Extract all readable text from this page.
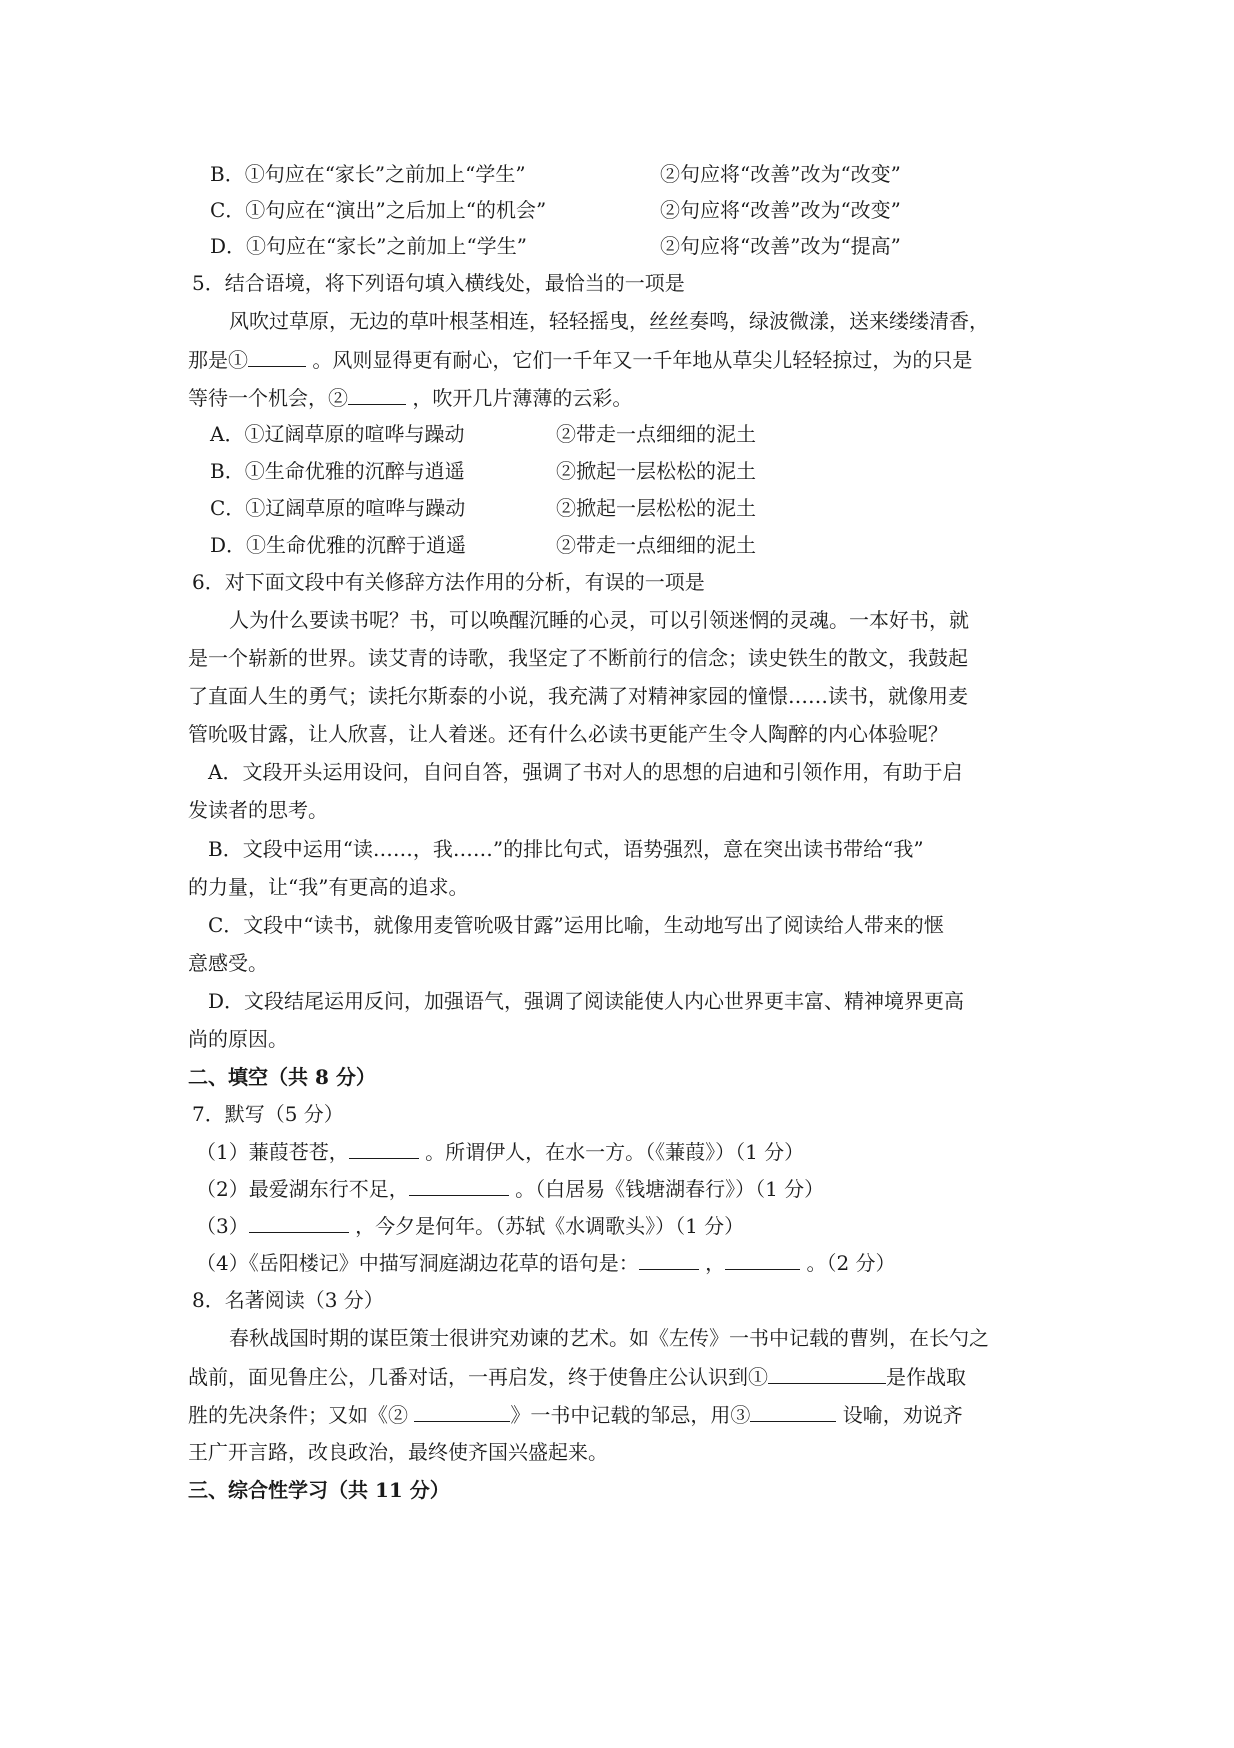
B．①句应在“家长”之前加上“学生”	②句应将“改善”改为“改变”
C．①句应在“演出”之后加上“的机会”	②句应将“改善”改为“改变”
D．①句应在“家长”之前加上“学生”	②句应将“改善”改为“提高”
5．结合语境，将下列语句填入横线处，最恰当的一项是
风吹过草原，无边的草叶根茎相连，轻轻摇曳，丝丝奏鸣，绿波微漾，送来缕缕清香，
那是①	。风则显得更有耐心，它们一千年又一千年地从草尖儿轻轻掠过，为的只是
等待一个机会，②	，吹开几片薄薄的云彩。
A．①辽阔草原的喧哗与躁动	②带走一点细细的泥土
B．①生命优雅的沉醉与逍遥	②掀起一层松松的泥土
C．①辽阔草原的喧哗与躁动	②掀起一层松松的泥土
D．①生命优雅的沉醉于逍遥	②带走一点细细的泥土
6．对下面文段中有关修辞方法作用的分析，有误的一项是
人为什么要读书呢？书，可以唤醒沉睡的心灵，可以引领迷惘的灵魂。一本好书，就
是一个崭新的世界。读艾青的诗歌，我坚定了不断前行的信念；读史铁生的散文，我鼓起
了直面人生的勇气；读托尔斯泰的小说，我充满了对精神家园的憧憬……读书，就像用麦
管吮吸甘露，让人欣喜，让人着迷。还有什么必读书更能产生令人陶醉的内心体验呢？
A．文段开头运用设问，自问自答，强调了书对人的思想的启迪和引领作用，有助于启
发读者的思考。
B．文段中运用“读……，我……”的排比句式，语势强烈，意在突出读书带给“我”
的力量，让“我”有更高的追求。
C．文段中“读书，就像用麦管吮吸甘露”运用比喻，生动地写出了阅读给人带来的惬
意感受。
D．文段结尾运用反问，加强语气，强调了阅读能使人内心世界更丰富、精神境界更高
尚的原因。
二、填空（共 8 分）
7．默写（5 分）
（1）蒹葭苍苍，	。所谓伊人，在水一方。（《蒹葭》）（1 分）
（2）最爱湖东行不足，	。（白居易《钱塘湖春行》）（1 分）
（3）	，今夕是何年。（苏轼《水调歌头》）（1 分）
（4）《岳阳楼记》中描写洞庭湖边花草的语句是：	，	。（2 分）
8．名著阅读（3 分）
春秋战国时期的谋臣策士很讲究劝谏的艺术。如《左传》一书中记载的曹刿，在长勺之
战前，面见鲁庄公，几番对话，一再启发，终于使鲁庄公认识到①	是作战取
胜的先决条件；又如《②	》一书中记载的邹忌，用③	设喻，劝说齐
王广开言路，改良政治，最终使齐国兴盛起来。
三、综合性学习（共 11 分）
